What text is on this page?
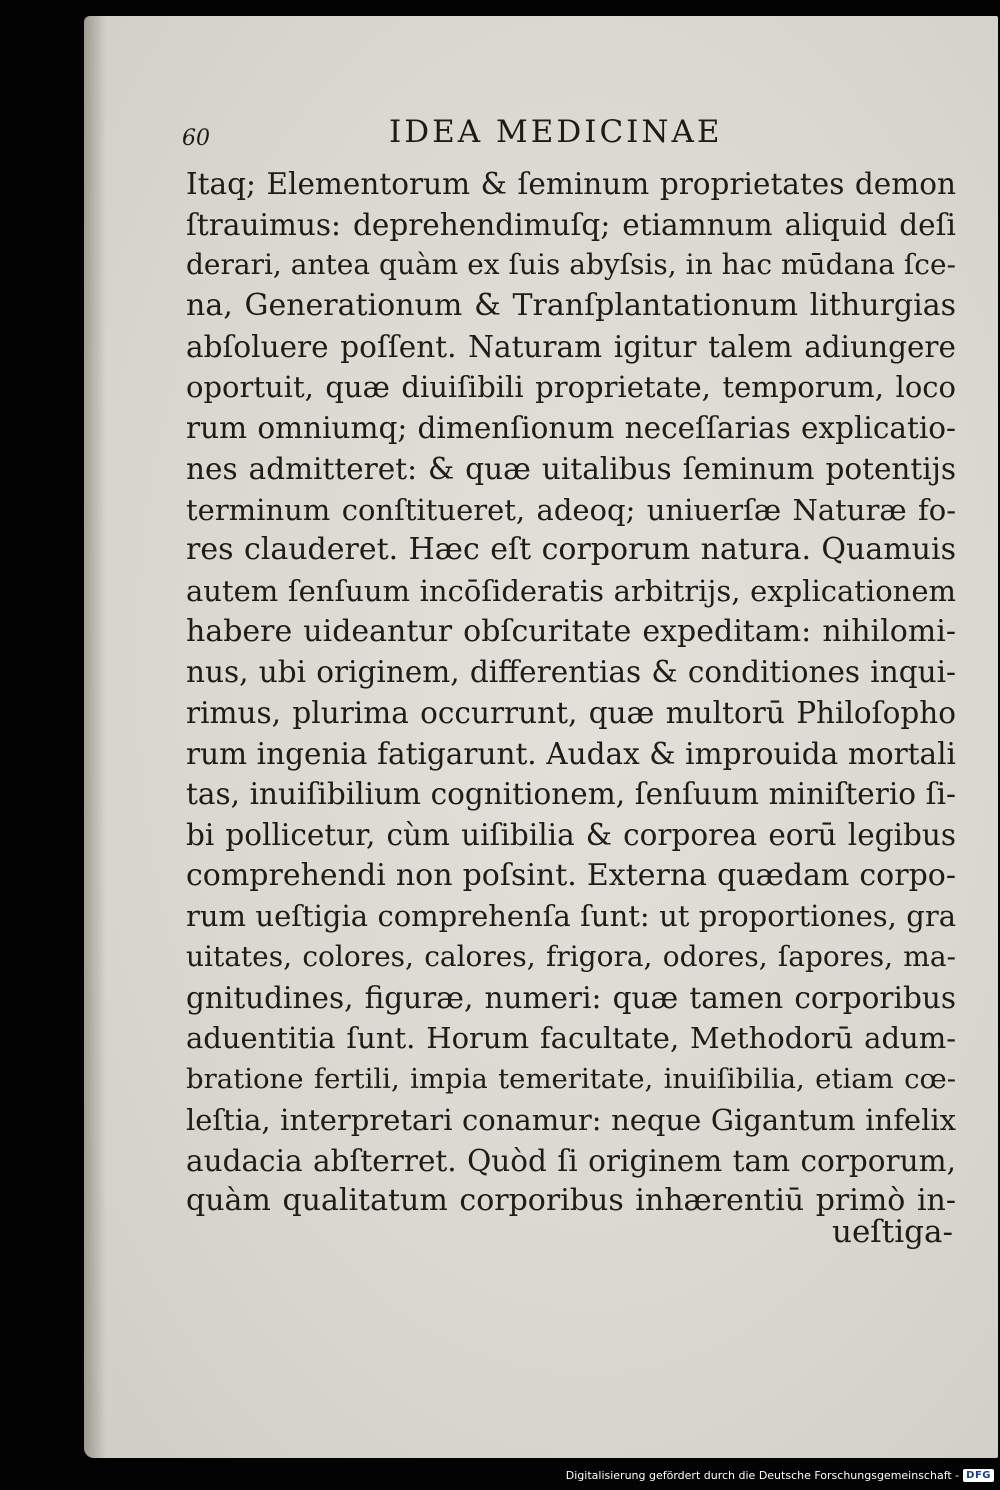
60	IDEA MEDICINAE
Itaq; Elementorum & ſeminum proprietates demon
ſtrauimus: deprehendimuſq; etiamnum aliquid deſi
derari, antea quàm ex ſuis abyſsis, in hac mūdana ſce-
na, Generationum & Tranſplantationum lithurgias
abſoluere poſſent. Naturam igitur talem adiungere
oportuit, quæ diuiſibili proprietate, temporum, loco
rum omniumq; dimenſionum neceſſarias explicatio-
nes admitteret: & quæ uitalibus ſeminum potentijs
terminum conſtitueret, adeoq; uniuerſæ Naturæ fo-
res clauderet. Hæc eſt corporum natura. Quamuis
autem ſenſuum incōſideratis arbitrijs, explicationem
habere uideantur obſcuritate expeditam: nihilomi-
nus, ubi originem, differentias & conditiones inqui-
rimus, plurima occurrunt, quæ multorū Philoſopho
rum ingenia fatigarunt. Audax & improuida mortali
tas, inuiſibilium cognitionem, ſenſuum miniſterio ſi-
bi pollicetur, cùm uiſibilia & corporea eorū legibus
comprehendi non poſsint. Externa quædam corpo-
rum ueſtigia comprehenſa ſunt: ut proportiones, gra
uitates, colores, calores, frigora, odores, ſapores, ma-
gnitudines, figuræ, numeri: quæ tamen corporibus
aduentitia ſunt. Horum facultate, Methodorū adum-
bratione fertili, impia temeritate, inuiſibilia, etiam cœ-
leſtia, interpretari conamur: neque Gigantum infelix
audacia abſterret. Quòd ſi originem tam corporum,
quàm qualitatum corporibus inhærentiū primò in-
ueſtiga-
Digitalisierung gefördert durch die Deutsche Forschungsgemeinschaft - DFG
